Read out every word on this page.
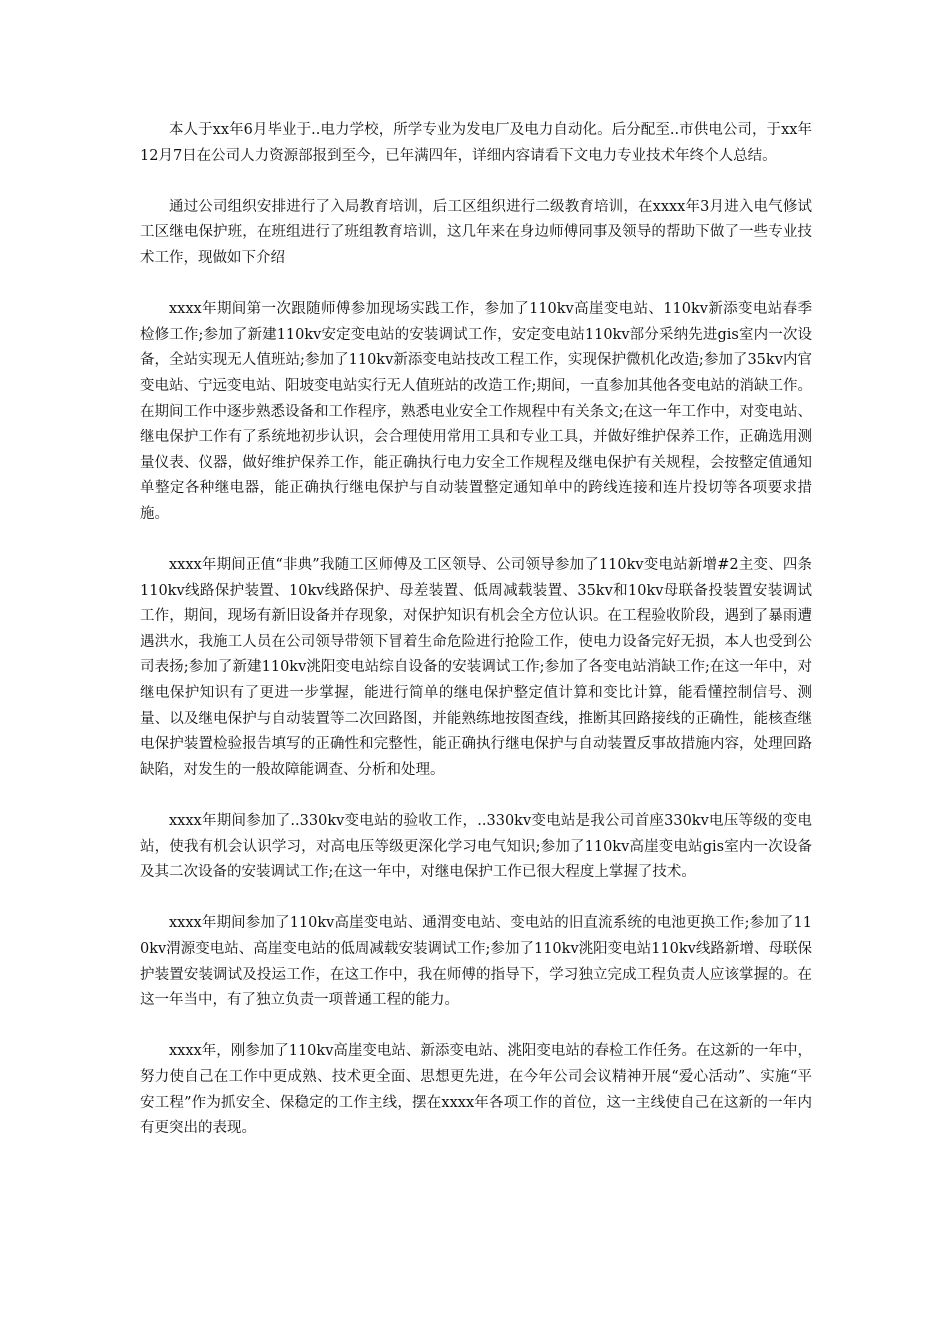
本人于xx年6月毕业于..电力学校，所学专业为发电厂及电力自动化。后分配至..市供电公司，于xx年12月7日在公司人力资源部报到至今，已年满四年，详细内容请看下文电力专业技术年终个人总结。

通过公司组织安排进行了入局教育培训，后工区组织进行二级教育培训，在xxxx年3月进入电气修试工区继电保护班，在班组进行了班组教育培训，这几年来在身边师傅同事及领导的帮助下做了一些专业技术工作，现做如下介绍

xxxx年期间第一次跟随师傅参加现场实践工作，参加了110kv高崖变电站、110kv新添变电站春季检修工作;参加了新建110kv安定变电站的安装调试工作，安定变电站110kv部分采纳先进gis室内一次设备，全站实现无人值班站;参加了110kv新添变电站技改工程工作，实现保护微机化改造;参加了35kv内官变电站、宁远变电站、阳坡变电站实行无人值班站的改造工作;期间，一直参加其他各变电站的消缺工作。在期间工作中逐步熟悉设备和工作程序，熟悉电业安全工作规程中有关条文;在这一年工作中，对变电站、继电保护工作有了系统地初步认识，会合理使用常用工具和专业工具，并做好维护保养工作，正确选用测量仪表、仪器，做好维护保养工作，能正确执行电力安全工作规程及继电保护有关规程，会按整定值通知单整定各种继电器，能正确执行继电保护与自动装置整定通知单中的跨线连接和连片投切等各项要求措施。

xxxx年期间正值“非典”我随工区师傅及工区领导、公司领导参加了110kv变电站新增#2主变、四条110kv线路保护装置、10kv线路保护、母差装置、低周减载装置、35kv和10kv母联备投装置安装调试工作，期间，现场有新旧设备并存现象，对保护知识有机会全方位认识。在工程验收阶段，遇到了暴雨遭遇洪水，我施工人员在公司领导带领下冒着生命危险进行抢险工作，使电力设备完好无损，本人也受到公司表扬;参加了新建110kv洮阳变电站综自设备的安装调试工作;参加了各变电站消缺工作;在这一年中，对继电保护知识有了更进一步掌握，能进行简单的继电保护整定值计算和变比计算，能看懂控制信号、测量、以及继电保护与自动装置等二次回路图，并能熟练地按图查线，推断其回路接线的正确性，能核查继电保护装置检验报告填写的正确性和完整性，能正确执行继电保护与自动装置反事故措施内容，处理回路缺陷，对发生的一般故障能调查、分析和处理。

xxxx年期间参加了..330kv变电站的验收工作，..330kv变电站是我公司首座330kv电压等级的变电站，使我有机会认识学习，对高电压等级更深化学习电气知识;参加了110kv高崖变电站gis室内一次设备及其二次设备的安装调试工作;在这一年中，对继电保护工作已很大程度上掌握了技术。

xxxx年期间参加了110kv高崖变电站、通渭变电站、变电站的旧直流系统的电池更换工作;参加了110kv渭源变电站、高崖变电站的低周减载安装调试工作;参加了110kv洮阳变电站110kv线路新增、母联保护装置安装调试及投运工作，在这工作中，我在师傅的指导下，学习独立完成工程负责人应该掌握的。在这一年当中，有了独立负责一项普通工程的能力。

xxxx年，刚参加了110kv高崖变电站、新添变电站、洮阳变电站的春检工作任务。在这新的一年中，努力使自己在工作中更成熟、技术更全面、思想更先进，在今年公司会议精神开展“爱心活动”、实施“平安工程”作为抓安全、保稳定的工作主线，摆在xxxx年各项工作的首位，这一主线使自己在这新的一年内有更突出的表现。
